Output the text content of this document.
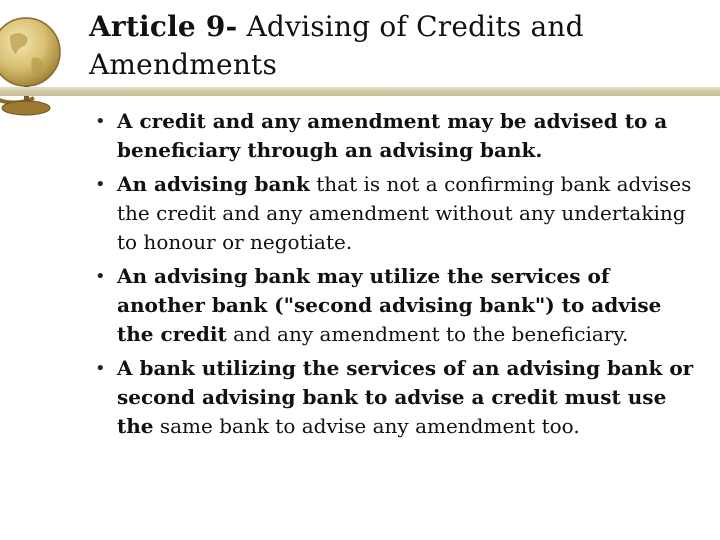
Article 9- Advising of Credits and Amendments
• A credit and any amendment may be advised to a beneficiary through an advising bank.
• An advising bank that is not a confirming bank advises the credit and any amendment without any undertaking to honour or negotiate.
• An advising bank may utilize the services of another bank ("second advising bank") to advise the credit and any amendment to the beneficiary.
• A bank utilizing the services of an advising bank or second advising bank to advise a credit must use the same bank to advise any amendment too.
